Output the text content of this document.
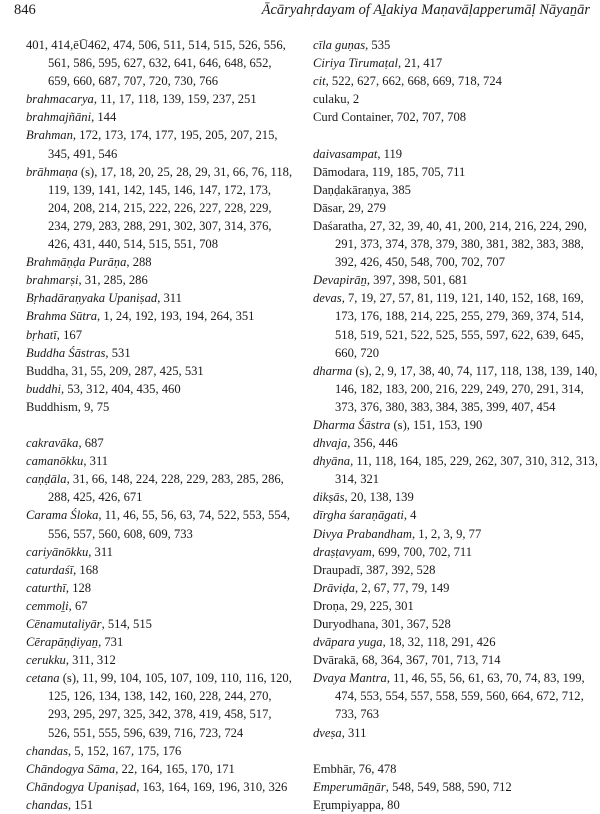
846	Ācāryahṛdayam of Aḻakiya Maṇavāḷapperumāḷ Nāyaṉār

401, 414,ēŪ462, 474, 506, 511, 514, 515, 526, 556, 561, 586, 595, 627, 632, 641, 646, 648, 652, 659, 660, 687, 707, 720, 730, 766

brahmacarya, 11, 17, 118, 139, 159, 237, 251

brahmajñāni, 144

Brahman, 172, 173, 174, 177, 195, 205, 207, 215, 345, 491, 546

brāhmaṇa (s), 17, 18, 20, 25, 28, 29, 31, 66, 76, 118, 119, 139, 141, 142, 145, 146, 147, 172, 173, 204, 208, 214, 215, 222, 226, 227, 228, 229, 234, 279, 283, 288, 291, 302, 307, 314, 376, 426, 431, 440, 514, 515, 551, 708

Brahmāṇḍa Purāṇa, 288

brahmarṣi, 31, 285, 286

Bṛhadāraṇyaka Upaniṣad, 311

Brahma Sūtra, 1, 24, 192, 193, 194, 264, 351

bṛhatī, 167

Buddha Śāstras, 531

Buddha, 31, 55, 209, 287, 425, 531

buddhi, 53, 312, 404, 435, 460

Buddhism, 9, 75

cakravāka, 687

camanōkku, 311

caṇḍāla, 31, 66, 148, 224, 228, 229, 283, 285, 286, 288, 425, 426, 671

Carama Śloka, 11, 46, 55, 56, 63, 74, 522, 553, 554, 556, 557, 560, 608, 609, 733

cariyānōkku, 311

caturdaśī, 168

caturthī, 128

cemmoḻi, 67

Cēnamutaliyār, 514, 515

Cērapāṇḍiyaṉ, 731

cerukku, 311, 312

cetana (s), 11, 99, 104, 105, 107, 109, 110, 116, 120, 125, 126, 134, 138, 142, 160, 228, 244, 270, 293, 295, 297, 325, 342, 378, 419, 458, 517, 526, 551, 555, 596, 639, 716, 723, 724

chandas, 5, 152, 167, 175, 176

Chāndogya Sāma, 22, 164, 165, 170, 171

Chāndogya Upaniṣad, 163, 164, 169, 196, 310, 326

chandas, 151

cīla guṇas, 535

Ciriya Tirumaṭal, 21, 417

cit, 522, 627, 662, 668, 669, 718, 724

culaku, 2

Curd Container, 702, 707, 708

daivasampat, 119

Dāmodara, 119, 185, 705, 711

Daṇḍakāraṇya, 385

Dāsar, 29, 279

Daśaratha, 27, 32, 39, 40, 41, 200, 214, 216, 224, 290, 291, 373, 374, 378, 379, 380, 381, 382, 383, 388, 392, 426, 450, 548, 700, 702, 707

Devapirāṉ, 397, 398, 501, 681

devas, 7, 19, 27, 57, 81, 119, 121, 140, 152, 168, 169, 173, 176, 188, 214, 225, 255, 279, 369, 374, 514, 518, 519, 521, 522, 525, 555, 597, 622, 639, 645, 660, 720

dharma (s), 2, 9, 17, 38, 40, 74, 117, 118, 138, 139, 140, 146, 182, 183, 200, 216, 229, 249, 270, 291, 314, 373, 376, 380, 383, 384, 385, 399, 407, 454

Dharma Śāstra (s), 151, 153, 190

dhvaja, 356, 446

dhyāna, 11, 118, 164, 185, 229, 262, 307, 310, 312, 313, 314, 321

dikṣās, 20, 138, 139

dīrgha śaraṇāgati, 4

Divya Prabandham, 1, 2, 3, 9, 77

draṣṭavyam, 699, 700, 702, 711

Draupadī, 387, 392, 528

Drāviḍa, 2, 67, 77, 79, 149

Droṇa, 29, 225, 301

Duryodhana, 301, 367, 528

dvāpara yuga, 18, 32, 118, 291, 426

Dvārakā, 68, 364, 367, 701, 713, 714

Dvaya Mantra, 11, 46, 55, 56, 61, 63, 70, 74, 83, 199, 474, 553, 554, 557, 558, 559, 560, 664, 672, 712, 733, 763

dveṣa, 311

Embhār, 76, 478

Emperumāṉār, 548, 549, 588, 590, 712

Eṟumpiyappa, 80
